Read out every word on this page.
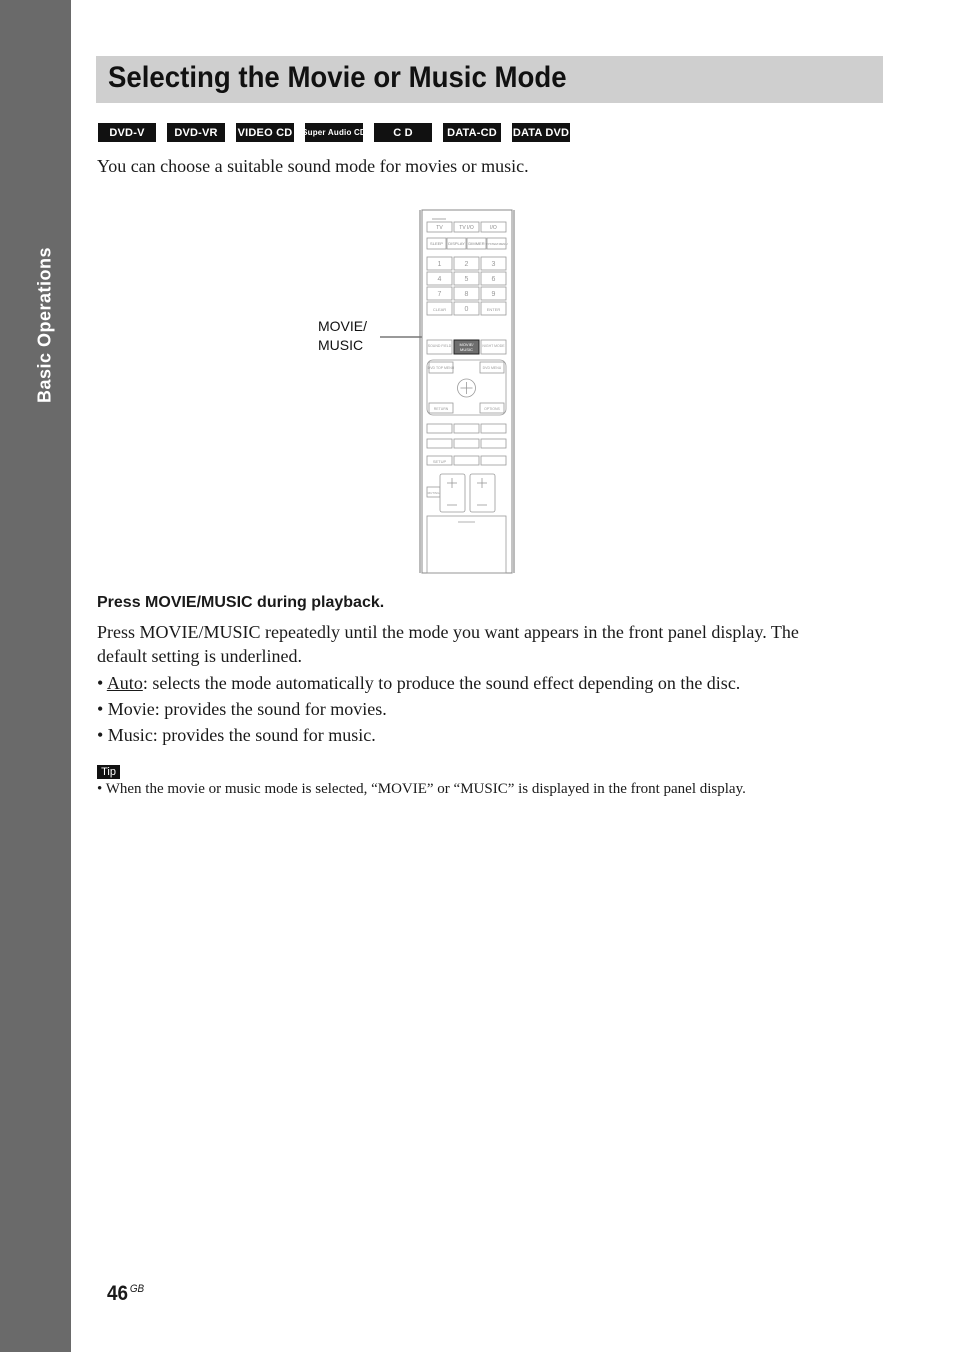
Basic Operations
Selecting the Movie or Music Mode
DVD-V	DVD-VR	VIDEO CD Super Audio CD	C D	DATA-CD	DATA DVD
You can choose a suitable sound mode for movies or music.
MOVIE/
MUSIC
TV	TV I/O	I/O
SLEEP DISPLAY DIMMER SYSTEM MENU
1	2	3
4	5	6
7	8	9
CLEAR	0	ENTER
SOUND FIELD	NIGHT MODE
MOVIE/
MUSIC
DVD TOP MENU	DVD MENU
RETURN	OPTIONS
SETUP
MUTING
Press MOVIE/MUSIC during playback.
Press MOVIE/MUSIC repeatedly until the mode you want appears in the front panel display. The
default setting is underlined.
• Auto: selects the mode automatically to produce the sound effect depending on the disc.
• Movie: provides the sound for movies.
• Music: provides the sound for music.
Tip
• When the movie or music mode is selected, “MOVIE” or “MUSIC” is displayed in the front panel display.
46 $^{GB}$
